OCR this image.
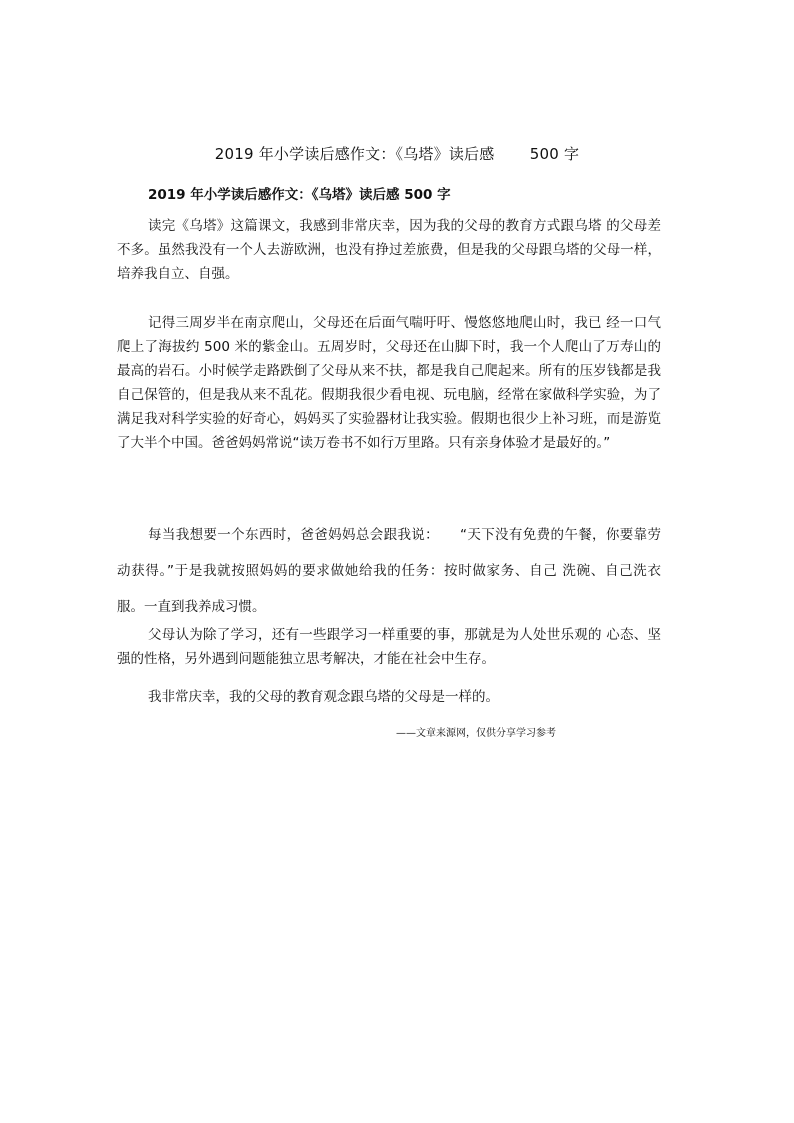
2019 年小学读后感作文：《乌塔》读后感　　 500 字
2019 年小学读后感作文：《乌塔》读后感 500 字

读完《乌塔》这篇课文，我感到非常庆幸，因为我的父母的教育方式跟乌塔 的父母差不多。虽然我没有一个人去游欧洲，也没有挣过差旅费，但是我的父母跟乌塔的父母一样，培养我自立、自强。

记得三周岁半在南京爬山，父母还在后面气喘吁吁、慢悠悠地爬山时，我已 经一口气爬上了海拔约 500 米的紫金山。五周岁时，父母还在山脚下时，我一个人爬山了万寿山的最高的岩石。小时候学走路跌倒了父母从来不扶，都是我自己爬起来。所有的压岁钱都是我自己保管的，但是我从来不乱花。假期我很少看电视、玩电脑，经常在家做科学实验，为了满足我对科学实验的好奇心，妈妈买了实验器材让我实验。假期也很少上补习班，而是游览了大半个中国。爸爸妈妈常说“读万卷书不如行万里路。只有亲身体验才是最好的。”

每当我想要一个东西时，爸爸妈妈总会跟我说：　　“天下没有免费的午餐，你要靠劳动获得。”于是我就按照妈妈的要求做她给我的任务：按时做家务、自己 洗碗、自己洗衣服。一直到我养成习惯。

父母认为除了学习，还有一些跟学习一样重要的事，那就是为人处世乐观的 心态、坚强的性格，另外遇到问题能独立思考解决，才能在社会中生存。

我非常庆幸，我的父母的教育观念跟乌塔的父母是一样的。

——文章来源网，仅供分享学习参考
